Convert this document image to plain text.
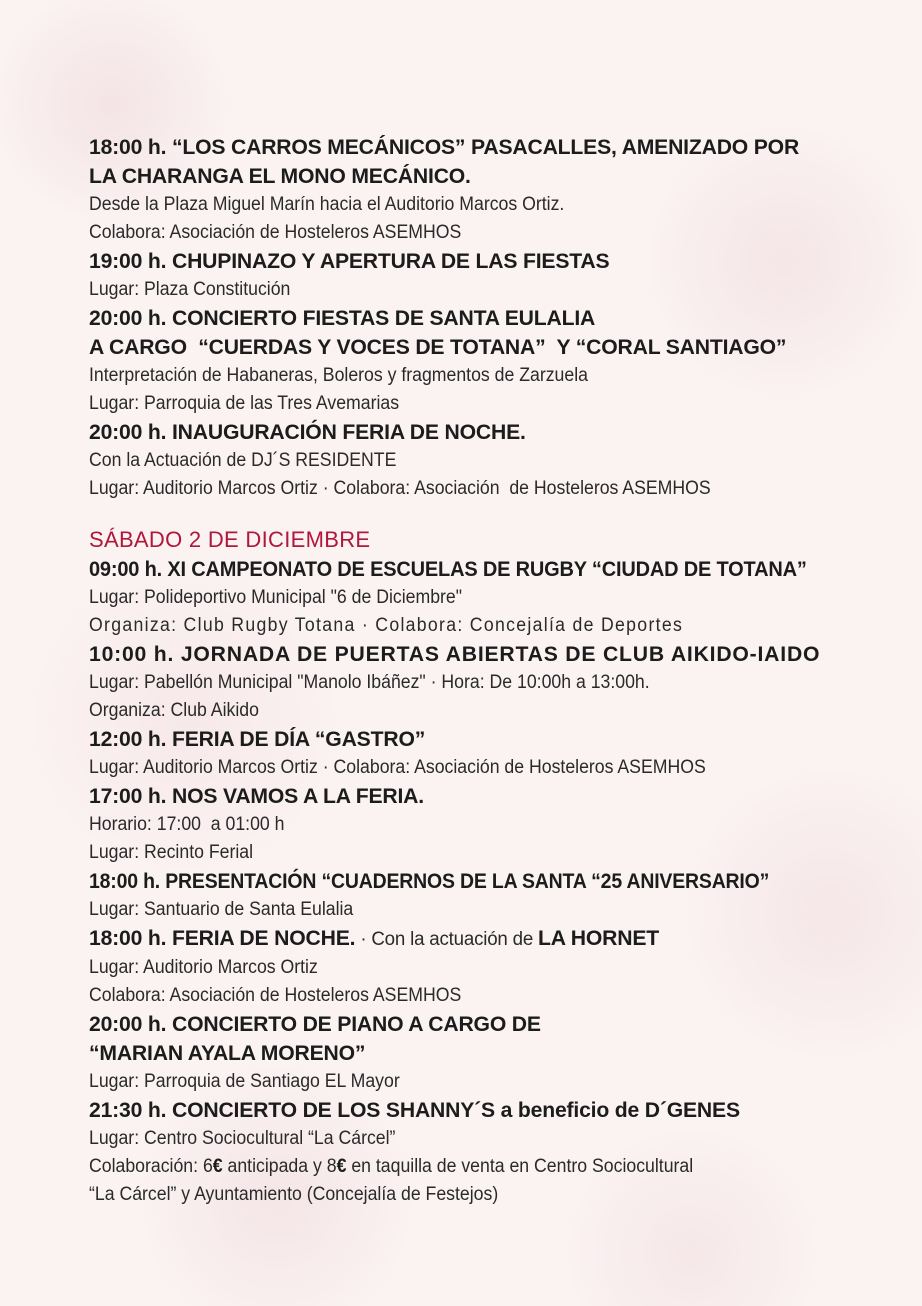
18:00 h. “LOS CARROS MECÁNICOS” PASACALLES, AMENIZADO POR
LA CHARANGA EL MONO MECÁNICO.
Desde la Plaza Miguel Marín hacia el Auditorio Marcos Ortiz.
Colabora: Asociación de Hosteleros ASEMHOS
19:00 h. CHUPINAZO Y APERTURA DE LAS FIESTAS
Lugar: Plaza Constitución
20:00 h. CONCIERTO FIESTAS DE SANTA EULALIA
A CARGO  “CUERDAS Y VOCES DE TOTANA”  Y “CORAL SANTIAGO”
Interpretación de Habaneras, Boleros y fragmentos de Zarzuela
Lugar: Parroquia de las Tres Avemarias
20:00 h. INAUGURACIÓN FERIA DE NOCHE.
Con la Actuación de DJ´S RESIDENTE
Lugar: Auditorio Marcos Ortiz · Colabora: Asociación  de Hosteleros ASEMHOS
SÁBADO 2 DE DICIEMBRE
09:00 h. XI CAMPEONATO DE ESCUELAS DE RUGBY “CIUDAD DE TOTANA”
Lugar: Polideportivo Municipal "6 de Diciembre"
Organiza: Club Rugby Totana · Colabora: Concejalía de Deportes
10:00 h. JORNADA DE PUERTAS ABIERTAS DE CLUB AIKIDO-IAIDO
Lugar: Pabellón Municipal "Manolo Ibáñez" · Hora: De 10:00h a 13:00h.
Organiza: Club Aikido
12:00 h. FERIA DE DÍA “GASTRO”
Lugar: Auditorio Marcos Ortiz · Colabora: Asociación de Hosteleros ASEMHOS
17:00 h. NOS VAMOS A LA FERIA.
Horario: 17:00  a 01:00 h
Lugar: Recinto Ferial
18:00 h. PRESENTACIÓN “CUADERNOS DE LA SANTA “25 ANIVERSARIO”
Lugar: Santuario de Santa Eulalia
18:00 h. FERIA DE NOCHE. · Con la actuación de LA HORNET
Lugar: Auditorio Marcos Ortiz
Colabora: Asociación de Hosteleros ASEMHOS
20:00 h. CONCIERTO DE PIANO A CARGO DE
“MARIAN AYALA MORENO”
Lugar: Parroquia de Santiago EL Mayor
21:30 h. CONCIERTO DE LOS SHANNY´S a beneficio de D´GENES
Lugar: Centro Sociocultural “La Cárcel”
Colaboración: 6€ anticipada y 8€ en taquilla de venta en Centro Sociocultural
“La Cárcel” y Ayuntamiento (Concejalía de Festejos)
